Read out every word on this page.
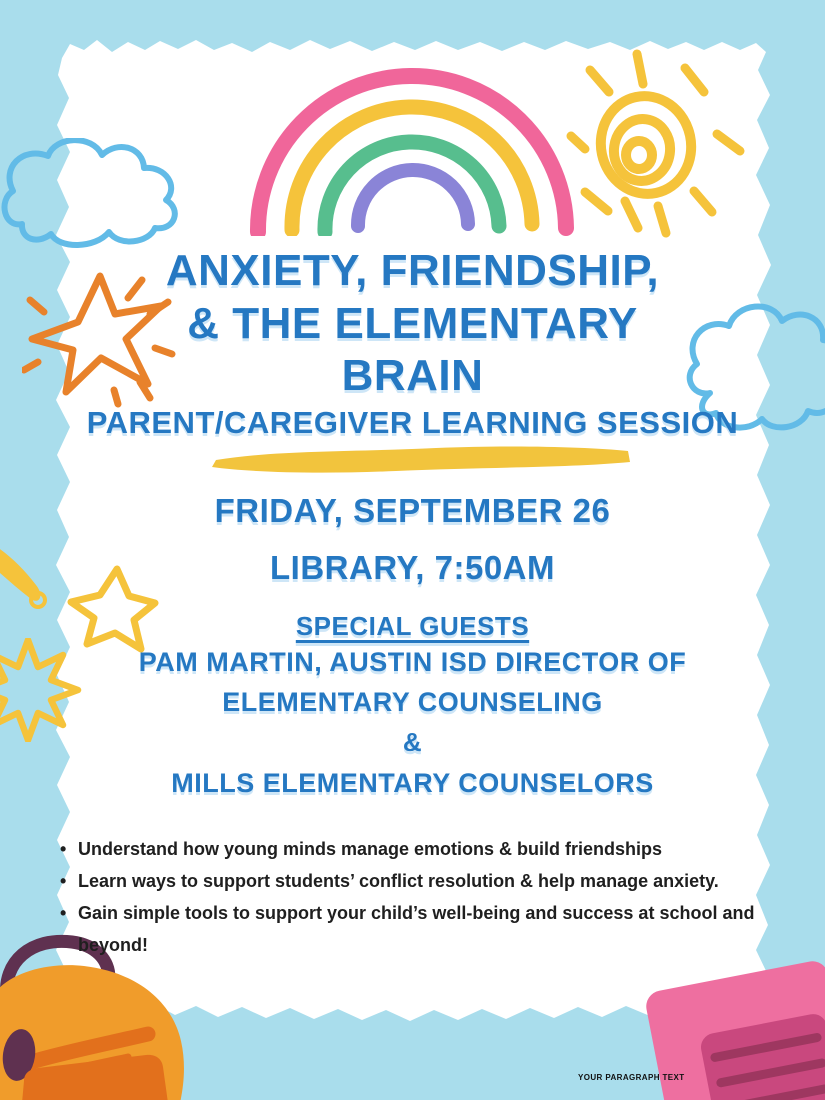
ANXIETY, FRIENDSHIP,
& THE ELEMENTARY
BRAIN
PARENT/CAREGIVER LEARNING SESSION
FRIDAY, SEPTEMBER 26
LIBRARY, 7:50AM
SPECIAL GUESTS
PAM MARTIN, AUSTIN ISD DIRECTOR OF
ELEMENTARY COUNSELING
&
MILLS ELEMENTARY COUNSELORS
• Understand how young minds manage emotions & build friendships
• Learn ways to support students’ conflict resolution & help manage anxiety.
• Gain simple tools to support your child’s well-being and success at school and beyond!
YOUR PARAGRAPH TEXT
